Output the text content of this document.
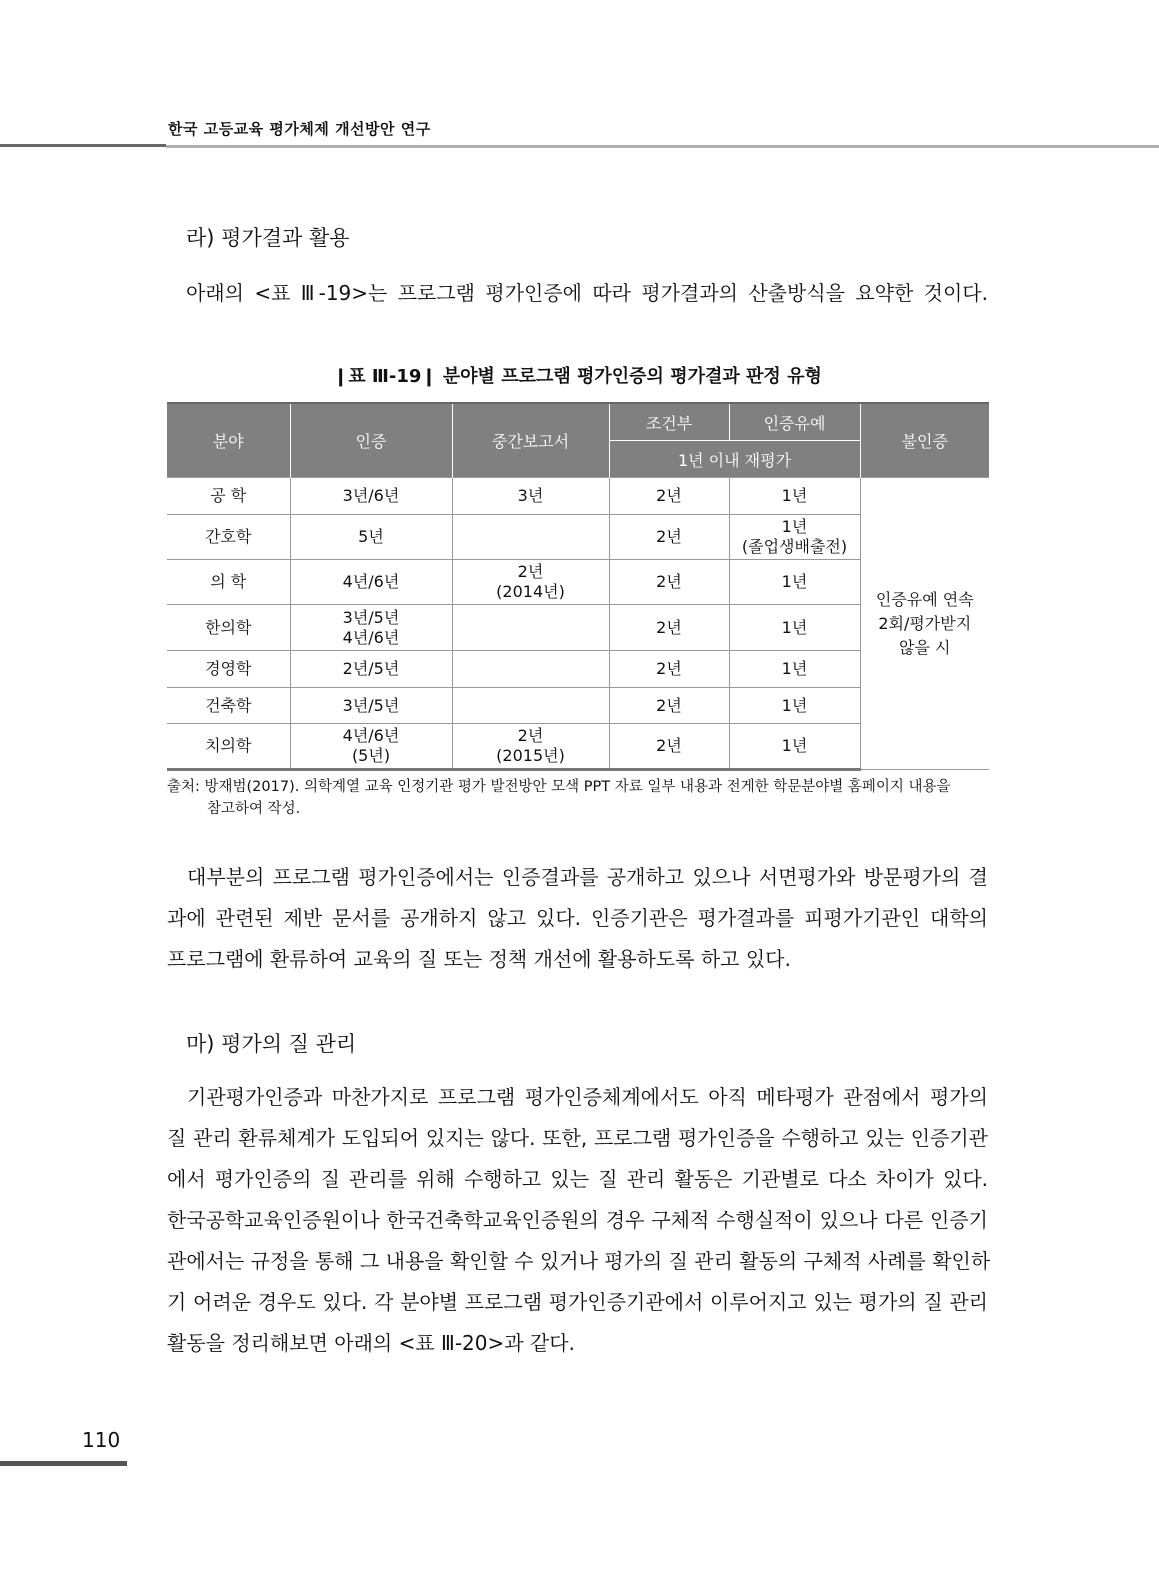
한국 고등교육 평가체제 개선방안 연구
라) 평가결과 활용
아래의 <표 Ⅲ-19>는 프로그램 평가인증에 따라 평가결과의 산출방식을 요약한 것이다.
❙표 Ⅲ-19❙ 분야별 프로그램 평가인증의 평가결과 판정 유형
분야	인증	중간보고서	조건부	인증유예	불인증
			1년 이내 재평가		
공 학	3년/6년	3년	2년	1년	인증유예 연속
2회/평가받지
않을 시
간호학	5년		2년	1년
(졸업생배출전)	
의 학	4년/6년	2년
(2014년)	2년	1년	
한의학	3년/5년
4년/6년		2년	1년	
경영학	2년/5년		2년	1년	
건축학	3년/5년		2년	1년	
치의학	4년/6년
(5년)	2년
(2015년)	2년	1년	
출처: 방재범(2017). 의학계열 교육 인정기관 평가 발전방안 모색 PPT 자료 일부 내용과 전게한 학문분야별 홈페이지 내용을
참고하여 작성.
대부분의 프로그램 평가인증에서는 인증결과를 공개하고 있으나 서면평가와 방문평가의 결
과에 관련된 제반 문서를 공개하지 않고 있다. 인증기관은 평가결과를 피평가기관인 대학의
프로그램에 환류하여 교육의 질 또는 정책 개선에 활용하도록 하고 있다.
마) 평가의 질 관리
기관평가인증과 마찬가지로 프로그램 평가인증체계에서도 아직 메타평가 관점에서 평가의
질 관리 환류체계가 도입되어 있지는 않다. 또한, 프로그램 평가인증을 수행하고 있는 인증기관
에서 평가인증의 질 관리를 위해 수행하고 있는 질 관리 활동은 기관별로 다소 차이가 있다.
한국공학교육인증원이나 한국건축학교육인증원의 경우 구체적 수행실적이 있으나 다른 인증기
관에서는 규정을 통해 그 내용을 확인할 수 있거나 평가의 질 관리 활동의 구체적 사례를 확인하
기 어려운 경우도 있다. 각 분야별 프로그램 평가인증기관에서 이루어지고 있는 평가의 질 관리
활동을 정리해보면 아래의 <표 Ⅲ-20>과 같다.
110
